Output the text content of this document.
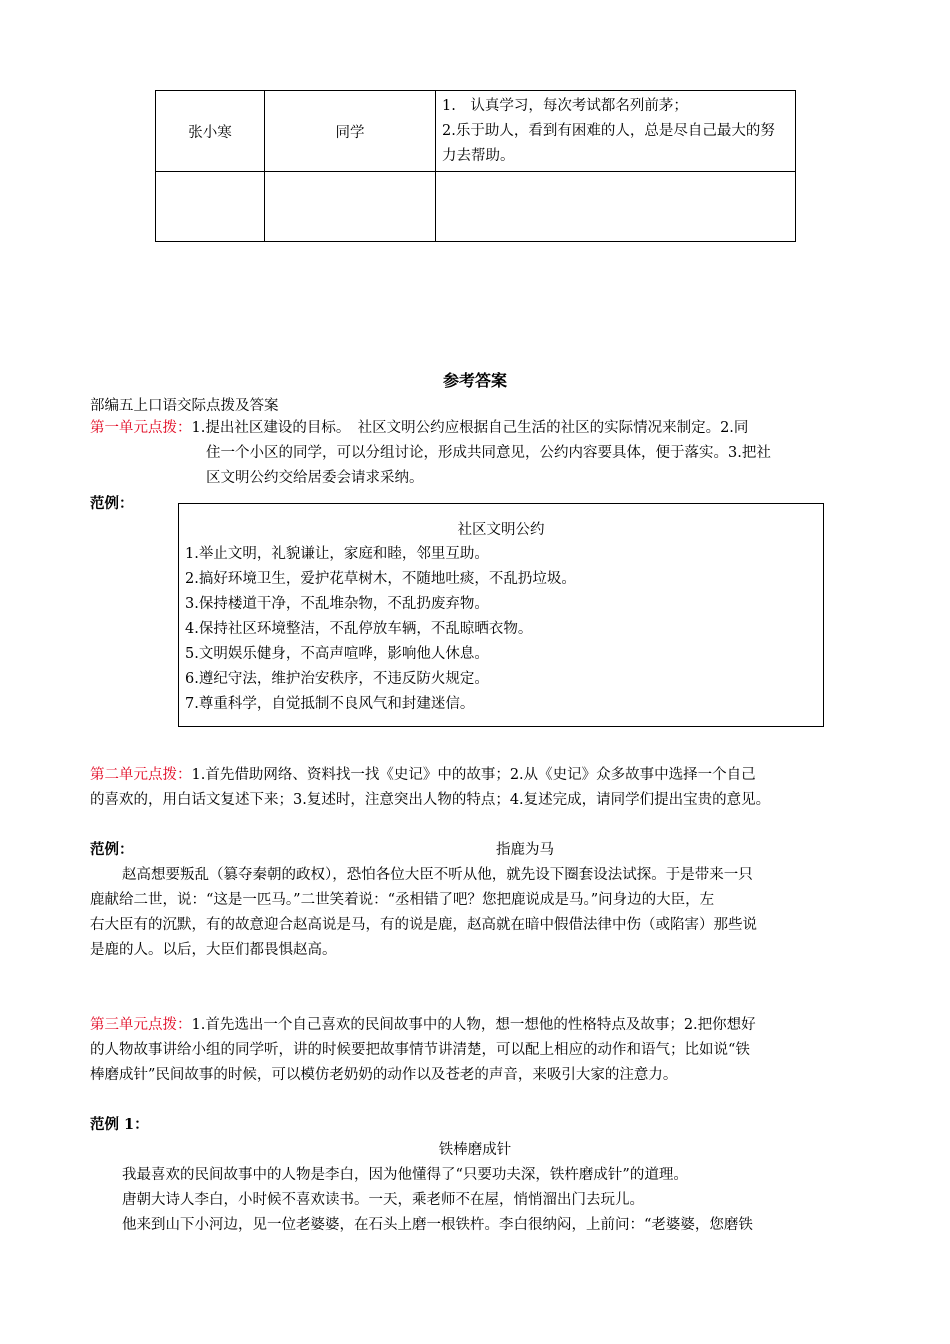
张小寒	同学	1.　认真学习，每次考试都名列前茅；
2.乐于助人，看到有困难的人，总是尽自己最大的努力去帮助。

参考答案
部编五上口语交际点拨及答案
第一单元点拨：1.提出社区建设的目标。　社区文明公约应根据自己生活的社区的实际情况来制定。2.同
住一个小区的同学，可以分组讨论，形成共同意见，公约内容要具体，便于落实。3.把社
区文明公约交给居委会请求采纳。
范例：
社区文明公约
1.举止文明，礼貌谦让，家庭和睦，邻里互助。
2.搞好环境卫生，爱护花草树木，不随地吐痰，不乱扔垃圾。
3.保持楼道干净，不乱堆杂物，不乱扔废弃物。
4.保持社区环境整洁，不乱停放车辆，不乱晾晒衣物。
5.文明娱乐健身，不高声喧哗，影响他人休息。
6.遵纪守法，维护治安秩序，不违反防火规定。
7.尊重科学，自觉抵制不良风气和封建迷信。
第二单元点拨：1.首先借助网络、资料找一找《史记》中的故事；2.从《史记》众多故事中选择一个自己
的喜欢的，用白话文复述下来；3.复述时，注意突出人物的特点；4.复述完成，请同学们提出宝贵的意见。
范例：	指鹿为马
赵高想要叛乱（篡夺秦朝的政权），恐怕各位大臣不听从他，就先设下圈套设法试探。于是带来一只
鹿献给二世，说：“这是一匹马。”二世笑着说：“丞相错了吧？您把鹿说成是马。”问身边的大臣，左
右大臣有的沉默，有的故意迎合赵高说是马，有的说是鹿，赵高就在暗中假借法律中伤（或陷害）那些说
是鹿的人。以后，大臣们都畏惧赵高。
第三单元点拨：1.首先选出一个自己喜欢的民间故事中的人物，想一想他的性格特点及故事；2.把你想好
的人物故事讲给小组的同学听，讲的时候要把故事情节讲清楚，可以配上相应的动作和语气；比如说“铁
棒磨成针”民间故事的时候，可以模仿老奶奶的动作以及苍老的声音，来吸引大家的注意力。
范例 1：
铁棒磨成针
我最喜欢的民间故事中的人物是李白，因为他懂得了“只要功夫深，铁杵磨成针”的道理。
唐朝大诗人李白，小时候不喜欢读书。一天，乘老师不在屋，悄悄溜出门去玩儿。
他来到山下小河边，见一位老婆婆，在石头上磨一根铁杵。李白很纳闷，上前问：“老婆婆，您磨铁
